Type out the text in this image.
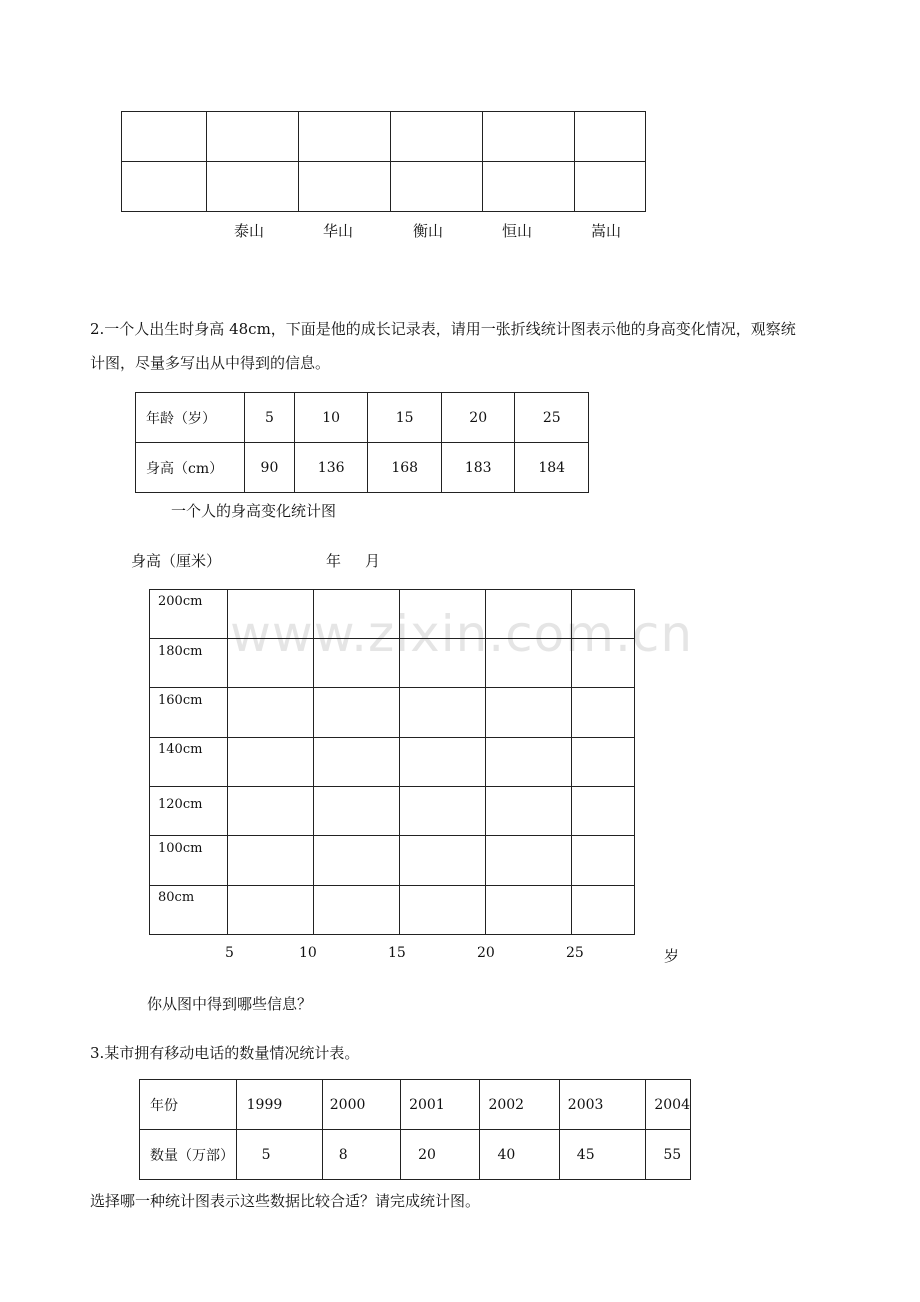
泰山	华山	衡山	恒山	嵩山
2.一个人出生时身高 48cm，下面是他的成长记录表，请用一张折线统计图表示他的身高变化情况，观察统
计图，尽量多写出从中得到的信息。
年龄（岁）	5	10	15	20	25
身高（cm）	90	136	168	183	184
一个人的身高变化统计图
身高（厘米）	年 月
www.zixin.com.cn
200cm
180cm
160cm
140cm
120cm
100cm
80cm
5	10	15	20	25	岁
你从图中得到哪些信息？
3.某市拥有移动电话的数量情况统计表。
年份	1999	2000	2001	2002	2003	2004
数量（万部）	5	8	20	40	45	55
选择哪一种统计图表示这些数据比较合适？请完成统计图。
